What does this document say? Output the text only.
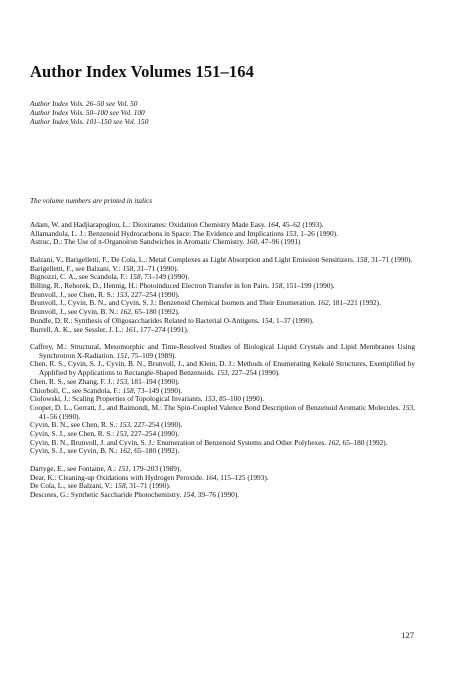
Author Index Volumes 151–164
Author Index Vols. 26–50 see Vol. 50
Author Index Vols. 50–100 see Vol. 100
Author Index Vols. 101–150 see Vol. 150
The volume numbers are printed in italics
Adam, W. and Hadjiarapoglou, L.: Dioxiranes: Oxidation Chemistry Made Easy. 164, 45–62 (1993).
Allamandola, L. J.: Benzenoid Hydrocarbons in Space: The Evidence and Implications 153, 1–26 (1990).
Astruc, D.: The Use of π-Organoiron Sandwiches in Aromatic Chemistry. 160, 47–96 (1991)
Balzani, V., Barigelletti, F., De Cola, L.: Metal Complexes as Light Absorption and Light Emission Sensitizers. 158, 31–71 (1990).
Barigelletti, F., see Balzani, V.: 158, 31–71 (1990).
Bignozzi, C. A., see Scandola, F.: 158, 73–149 (1990).
Billing, R., Rehorek, D., Hennig, H.: Photoinduced Electron Transfer in Ion Pairs. 158, 151–199 (1990).
Brunvoll, J., see Chen, R. S.: 153, 227–254 (1990).
Brunvoll, J., Cyvin, B. N., and Cyvin, S. J.: Benzenoid Chemical Isomers and Their Enumeration. 162, 181–221 (1992).
Brunvoll, J., see Cyvin, B. N.: 162, 65–180 (1992).
Bundle, D. R.: Synthesis of Oligosaccharides Related to Bacterial O-Antigens. 154, 1–37 (1990).
Burrell, A. K., see Sessler, J. L.: 161, 177–274 (1991).
Caffrey, M.: Structural, Mesomorphic and Time-Resolved Studies of Biological Liquid Crystals and Lipid Membranes Using Synchrotron X-Radiation. 151, 75–109 (1989).
Chen, R. S., Cyvin, S. J., Cyvin, B. N., Brunvoll, J., and Klein, D. J.: Methods of Enumerating Kekulé Structures, Exemplified by Applified by Applications to Rectangle-Shaped Benzenoids. 153, 227–254 (1990).
Chen, R. S., see Zhang, F. J.: 153, 181–194 (1990).
Chiorboli, C., see Scandola, F.: 158, 73–149 (1990).
Ciolowski, J.: Scaling Properties of Topological Invariants. 153, 85–100 (1990).
Cooper, D. L., Gerratt, J., and Raimondi, M.: The Spin-Coupled Valence Bond Description of Benzenoid Aromatic Molecules. 153, 41–56 (1990).
Cyvin, B. N., see Chen, R. S.: 153, 227–254 (1990).
Cyvin, S. J., see Chen, R. S.: 153, 227–254 (1990).
Cyvin, B. N., Brunvoll, J. and Cyvin, S. J.: Enumeration of Benzenoid Systems and Other Polyhexes. 162, 65–180 (1992).
Cyvin, S. J., see Cyvin, B. N.: 162, 65–180 (1992).
Dartyge, E., see Fontaine, A.: 151, 179–203 (1989).
Dear, K.: Cleaning-up Oxidations with Hydrogen Peroxide. 164, 115–125 (1993).
De Cola, L., see Balzani, V.: 158, 31–71 (1990).
Descotes, G.: Synthetic Saccharide Photochemistry. 154, 39–76 (1990).
127
